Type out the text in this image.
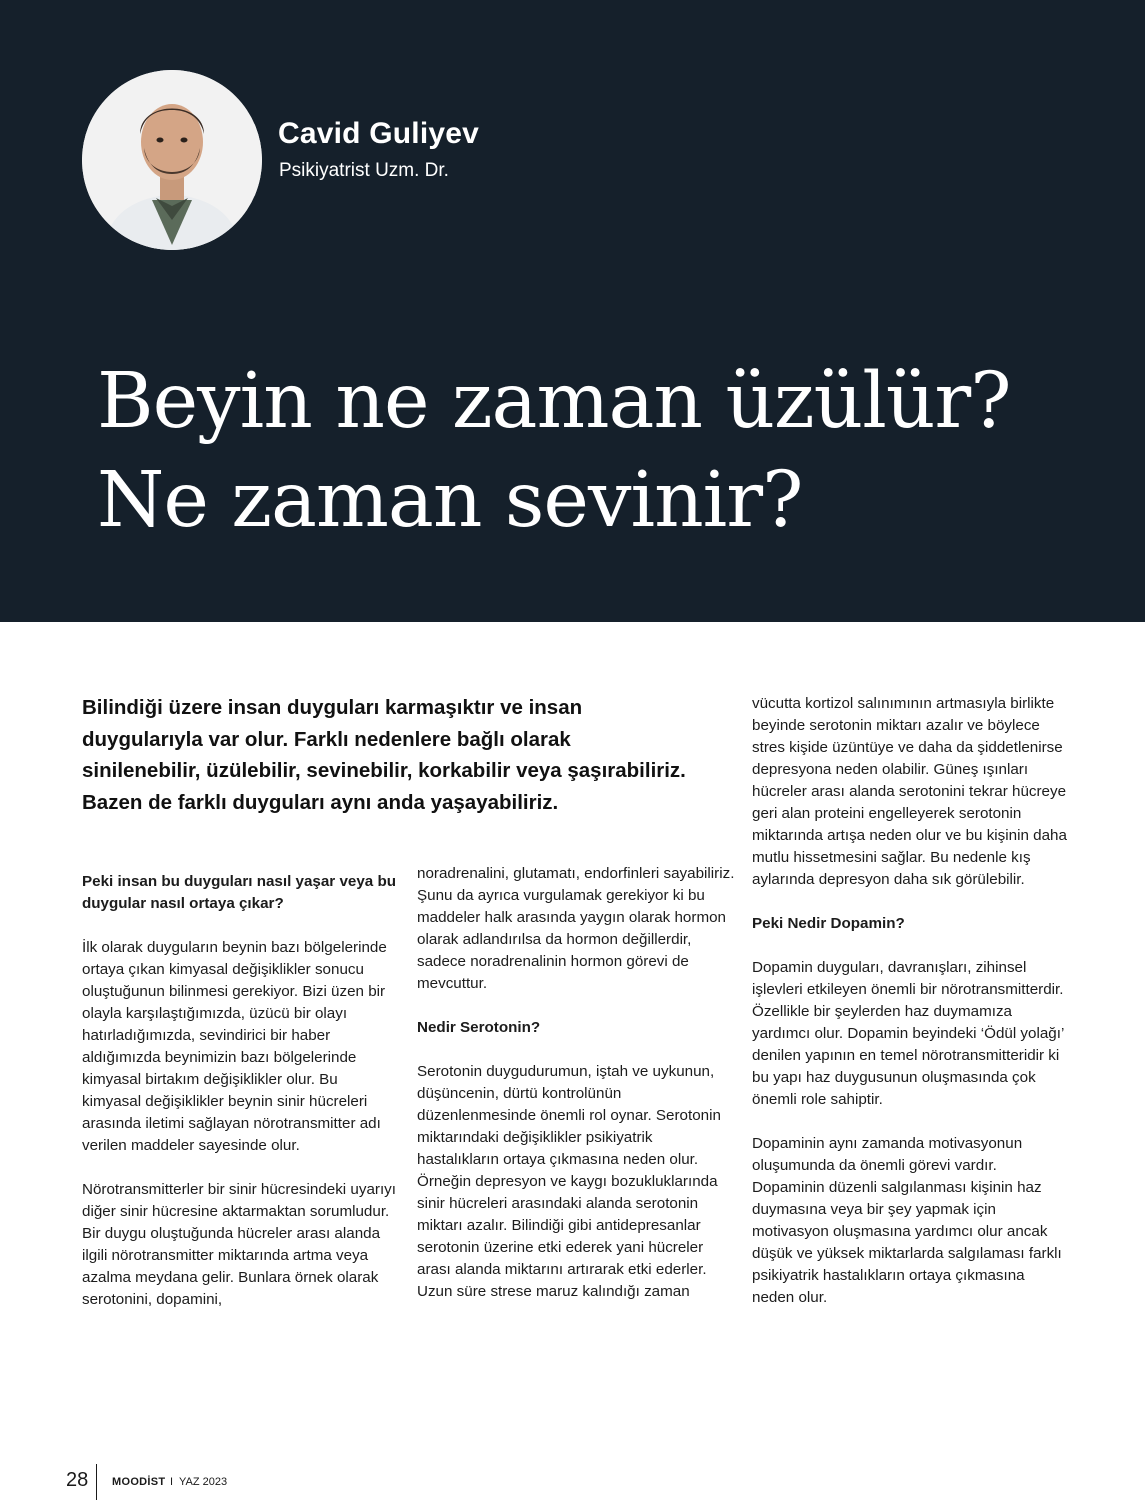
Cavid Guliyev
Psikiyatrist Uzm. Dr.
Beyin ne zaman üzülür?
Ne zaman sevinir?

Bilindiği üzere insan duyguları karmaşıktır ve insan duygularıyla var olur. Farklı nedenlere bağlı olarak sinilenebilir, üzülebilir, sevinebilir, korkabilir veya şaşırabiliriz. Bazen de farklı duyguları aynı anda yaşayabiliriz.

Peki insan bu duyguları nasıl yaşar veya bu duygular nasıl ortaya çıkar?

İlk olarak duyguların beynin bazı bölgelerinde ortaya çıkan kimyasal değişiklikler sonucu oluştuğunun bilinmesi gerekiyor. Bizi üzen bir olayla karşılaştığımızda, üzücü bir olayı hatırladığımızda, sevindirici bir haber aldığımızda beynimizin bazı bölgelerinde kimyasal birtakım değişiklikler olur. Bu kimyasal değişiklikler beynin sinir hücreleri arasında iletimi sağlayan nörotransmitter adı verilen maddeler sayesinde olur.

Nörotransmitterler bir sinir hücresindeki uyarıyı diğer sinir hücresine aktarmaktan sorumludur. Bir duygu oluştuğunda hücreler arası alanda ilgili nörotransmitter miktarında artma veya azalma meydana gelir. Bunlara örnek olarak serotonini, dopamini,

noradrenalini, glutamatı, endorfinleri sayabiliriz. Şunu da ayrıca vurgulamak gerekiyor ki bu maddeler halk arasında yaygın olarak hormon olarak adlandırılsa da hormon değillerdir, sadece noradrenalinin hormon görevi de mevcuttur.

Nedir Serotonin?

Serotonin duygudurumun, iştah ve uykunun, düşüncenin, dürtü kontrolünün düzenlenmesinde önemli rol oynar. Serotonin miktarındaki değişiklikler psikiyatrik hastalıkların ortaya çıkmasına neden olur. Örneğin depresyon ve kaygı bozukluklarında sinir hücreleri arasındaki alanda serotonin miktarı azalır. Bilindiği gibi antidepresanlar serotonin üzerine etki ederek yani hücreler arası alanda miktarını artırarak etki ederler.

Uzun süre strese maruz kalındığı zaman

vücutta kortizol salınımının artmasıyla birlikte beyinde serotonin miktarı azalır ve böylece stres kişide üzüntüye ve daha da şiddetlenirse depresyona neden olabilir. Güneş ışınları hücreler arası alanda serotonini tekrar hücreye geri alan proteini engelleyerek serotonin miktarında artışa neden olur ve bu kişinin daha mutlu hissetmesini sağlar. Bu nedenle kış aylarında depresyon daha sık görülebilir.

Peki Nedir Dopamin?

Dopamin duyguları, davranışları, zihinsel işlevleri etkileyen önemli bir nörotransmitterdir. Özellikle bir şeylerden haz duymamıza yardımcı olur. Dopamin beyindeki ‘Ödül yolağı’ denilen yapının en temel nörotransmitteridir ki bu yapı haz duygusunun oluşmasında çok önemli role sahiptir.

Dopaminin aynı zamanda motivasyonun oluşumunda da önemli görevi vardır. Dopaminin düzenli salgılanması kişinin haz duymasına veya bir şey yapmak için motivasyon oluşmasına yardımcı olur ancak düşük ve yüksek miktarlarda salgılaması farklı psikiyatrik hastalıkların ortaya çıkmasına neden olur.

28 MOODİST I YAZ 2023
